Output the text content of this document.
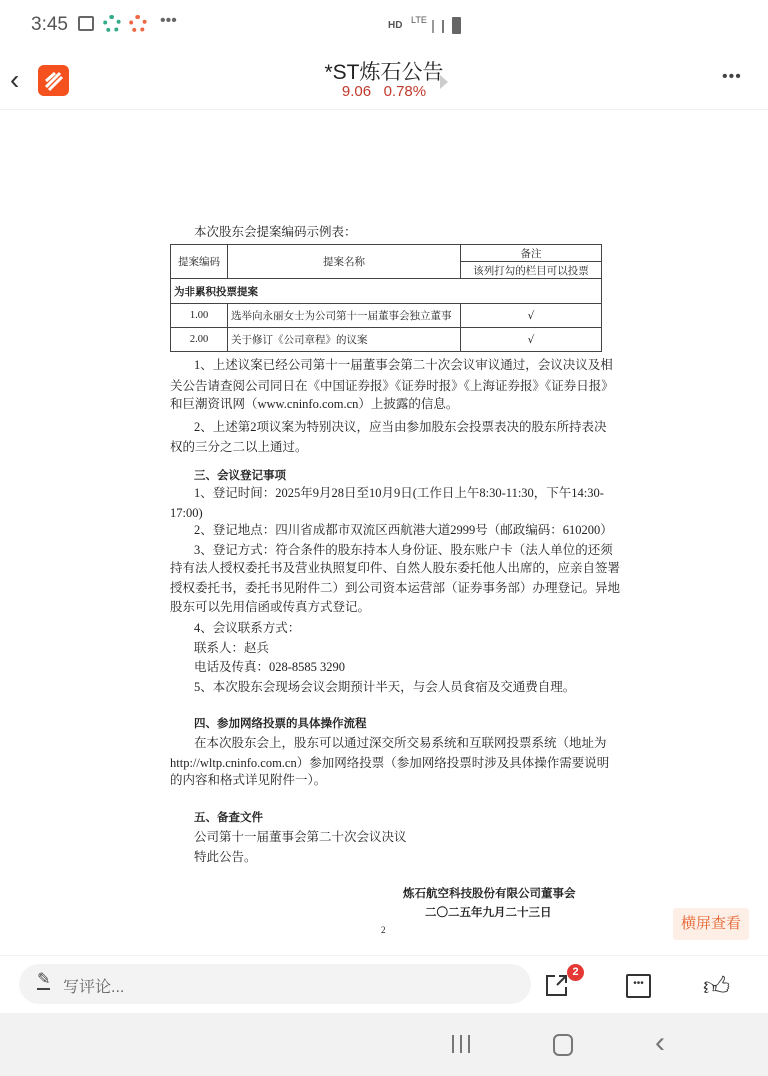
3:45	•••	HD LTE
‹	*ST炼石公告
9.06 0.78%
•••
本次股东会提案编码示例表：
提案编码	提案名称	备注
		该列打勾的栏目可以投票
为非累积投票提案		
1.00	选举向永丽女士为公司第十一届董事会独立董事	√
2.00	关于修订《公司章程》的议案	√
1、上述议案已经公司第十一届董事会第二十次会议审议通过，会议决议及相
关公告请查阅公司同日在《中国证券报》《证券时报》《上海证券报》《证券日报》
和巨潮资讯网（www.cninfo.com.cn）上披露的信息。
2、上述第2项议案为特别决议，应当由参加股东会投票表决的股东所持表决
权的三分之二以上通过。
三、会议登记事项
1、登记时间：2025年9月28日至10月9日(工作日上午8:30-11:30，下午14:30-
17:00)
2、登记地点：四川省成都市双流区西航港大道2999号（邮政编码：610200）
3、登记方式：符合条件的股东持本人身份证、股东账户卡（法人单位的还须
持有法人授权委托书及营业执照复印件、自然人股东委托他人出席的，应亲自签署
授权委托书，委托书见附件二）到公司资本运营部（证券事务部）办理登记。异地
股东可以先用信函或传真方式登记。
4、会议联系方式：
联系人：赵兵
电话及传真：028-8585 3290
5、本次股东会现场会议会期预计半天，与会人员食宿及交通费自理。
四、参加网络投票的具体操作流程
在本次股东会上，股东可以通过深交所交易系统和互联网投票系统（地址为
http://wltp.cninfo.com.cn）参加网络投票（参加网络投票时涉及具体操作需要说明
的内容和格式详见附件一）。
五、备查文件
公司第十一届董事会第二十次会议决议
特此公告。
炼石航空科技股份有限公司董事会
二〇二五年九月二十三日
2	横屏查看
✎ 写评论...
2
••• 👍︎
‹
